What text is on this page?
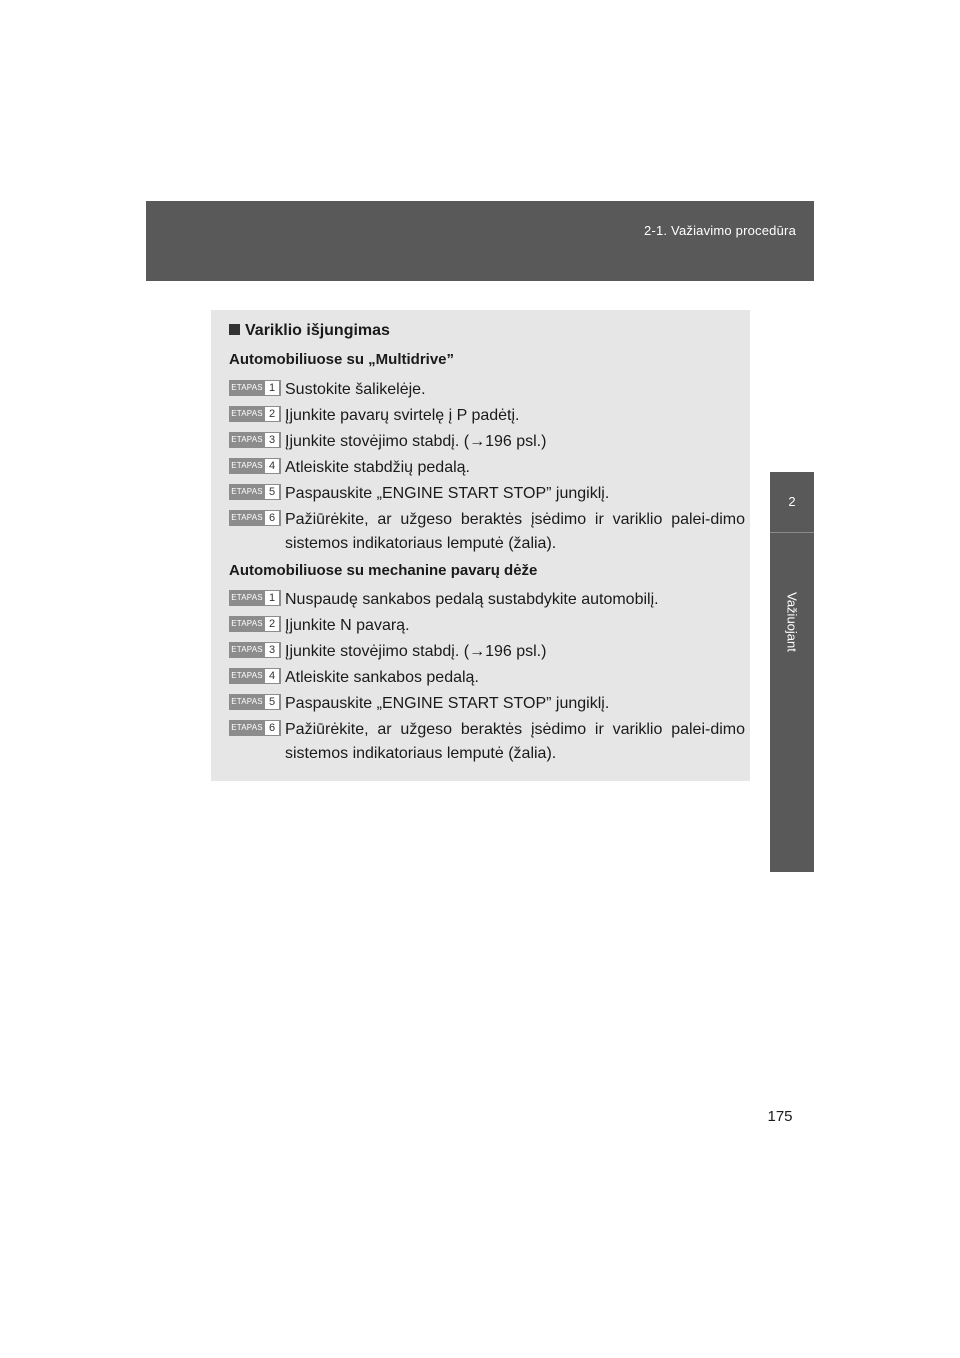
2-1. Važiavimo procedūra
2
Važiuojant
Variklio išjungimas
Automobiliuose su „Multidrive”
ETAPAS 1 Sustokite šalikelėje.
ETAPAS 2 Įjunkite pavarų svirtelę į P padėtį.
ETAPAS 3 Įjunkite stovėjimo stabdį. (→196 psl.)
ETAPAS 4 Atleiskite stabdžių pedalą.
ETAPAS 5 Paspauskite „ENGINE START STOP” jungiklį.
ETAPAS 6 Pažiūrėkite, ar užgeso beraktės įsėdimo ir variklio palei-dimo sistemos indikatoriaus lemputė (žalia).
Automobiliuose su mechanine pavarų dėže
ETAPAS 1 Nuspaudę sankabos pedalą sustabdykite automobilį.
ETAPAS 2 Įjunkite N pavarą.
ETAPAS 3 Įjunkite stovėjimo stabdį. (→196 psl.)
ETAPAS 4 Atleiskite sankabos pedalą.
ETAPAS 5 Paspauskite „ENGINE START STOP” jungiklį.
ETAPAS 6 Pažiūrėkite, ar užgeso beraktės įsėdimo ir variklio palei-dimo sistemos indikatoriaus lemputė (žalia).
175
